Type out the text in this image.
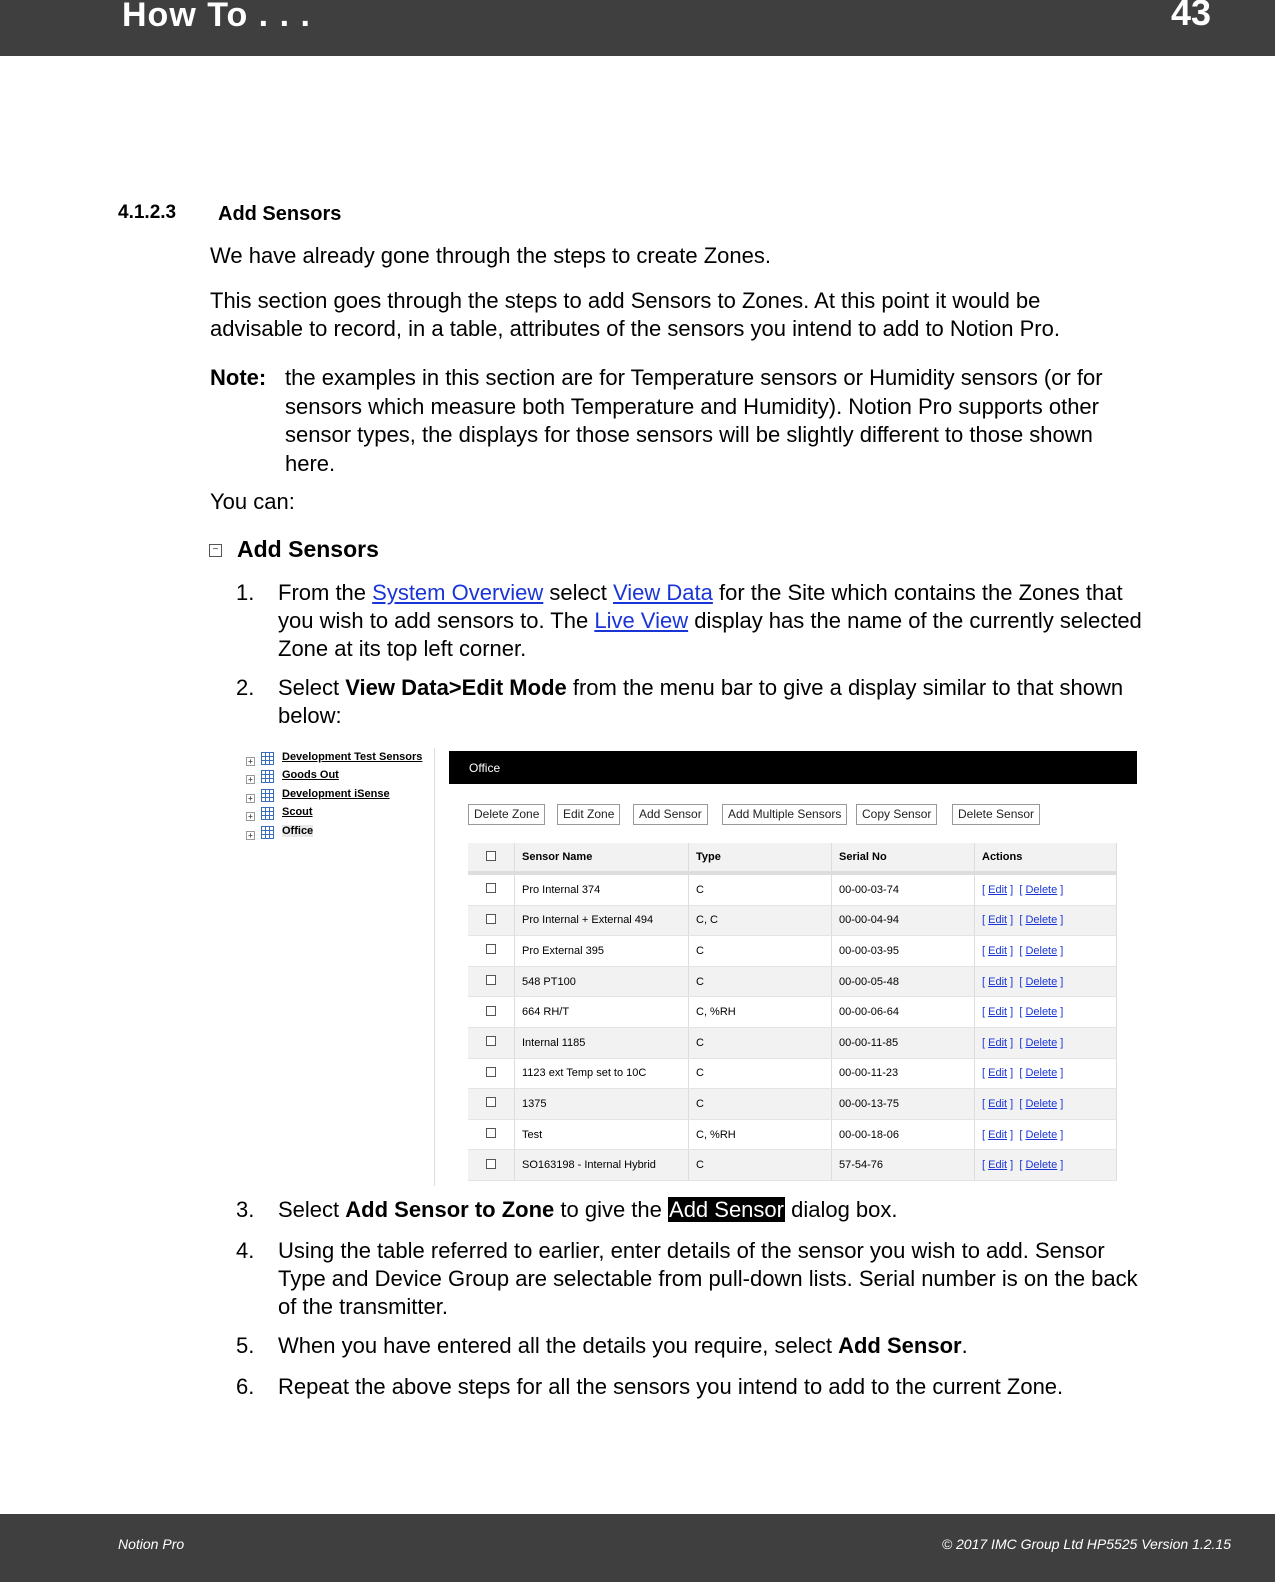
How To . . .	43
4.1.2.3 Add Sensors
We have already gone through the steps to create Zones.
This section goes through the steps to add Sensors to Zones. At this point it would be advisable to record, in a table, attributes of the sensors you intend to add to Notion Pro.
Note: the examples in this section are for Temperature sensors or Humidity sensors (or for sensors which measure both Temperature and Humidity). Notion Pro supports other sensor types, the displays for those sensors will be slightly different to those shown here.
You can:
− Add Sensors
1. From the System Overview select View Data for the Site which contains the Zones that you wish to add sensors to. The Live View display has the name of the currently selected Zone at its top left corner.
2. Select View Data>Edit Mode from the menu bar to give a display similar to that shown below:
+	Development Test Sensors
+	Goods Out
+	Development iSense
+	Scout
+	Office
Office
Delete Zone	Edit Zone	Add Sensor	Add Multiple Sensors	Copy Sensor	Delete Sensor
	Sensor Name	Type	Serial No	Actions
	Pro Internal 374	C	00-00-03-74	[ Edit ]  [ Delete ]
	Pro Internal + External 494	C, C	00-00-04-94	[ Edit ]  [ Delete ]
	Pro External 395	C	00-00-03-95	[ Edit ]  [ Delete ]
	548 PT100	C	00-00-05-48	[ Edit ]  [ Delete ]
	664 RH/T	C, %RH	00-00-06-64	[ Edit ]  [ Delete ]
	Internal 1185	C	00-00-11-85	[ Edit ]  [ Delete ]
	1123 ext Temp set to 10C	C	00-00-11-23	[ Edit ]  [ Delete ]
	1375	C	00-00-13-75	[ Edit ]  [ Delete ]
	Test	C, %RH	00-00-18-06	[ Edit ]  [ Delete ]
	SO163198 - Internal Hybrid	C	57-54-76	[ Edit ]  [ Delete ]
3. Select Add Sensor to Zone to give the Add Sensor dialog box.
4. Using the table referred to earlier, enter details of the sensor you wish to add. Sensor Type and Device Group are selectable from pull-down lists. Serial number is on the back of the transmitter.
5. When you have entered all the details you require, select Add Sensor.
6. Repeat the above steps for all the sensors you intend to add to the current Zone.
Notion Pro	© 2017 IMC Group Ltd HP5525 Version 1.2.15
